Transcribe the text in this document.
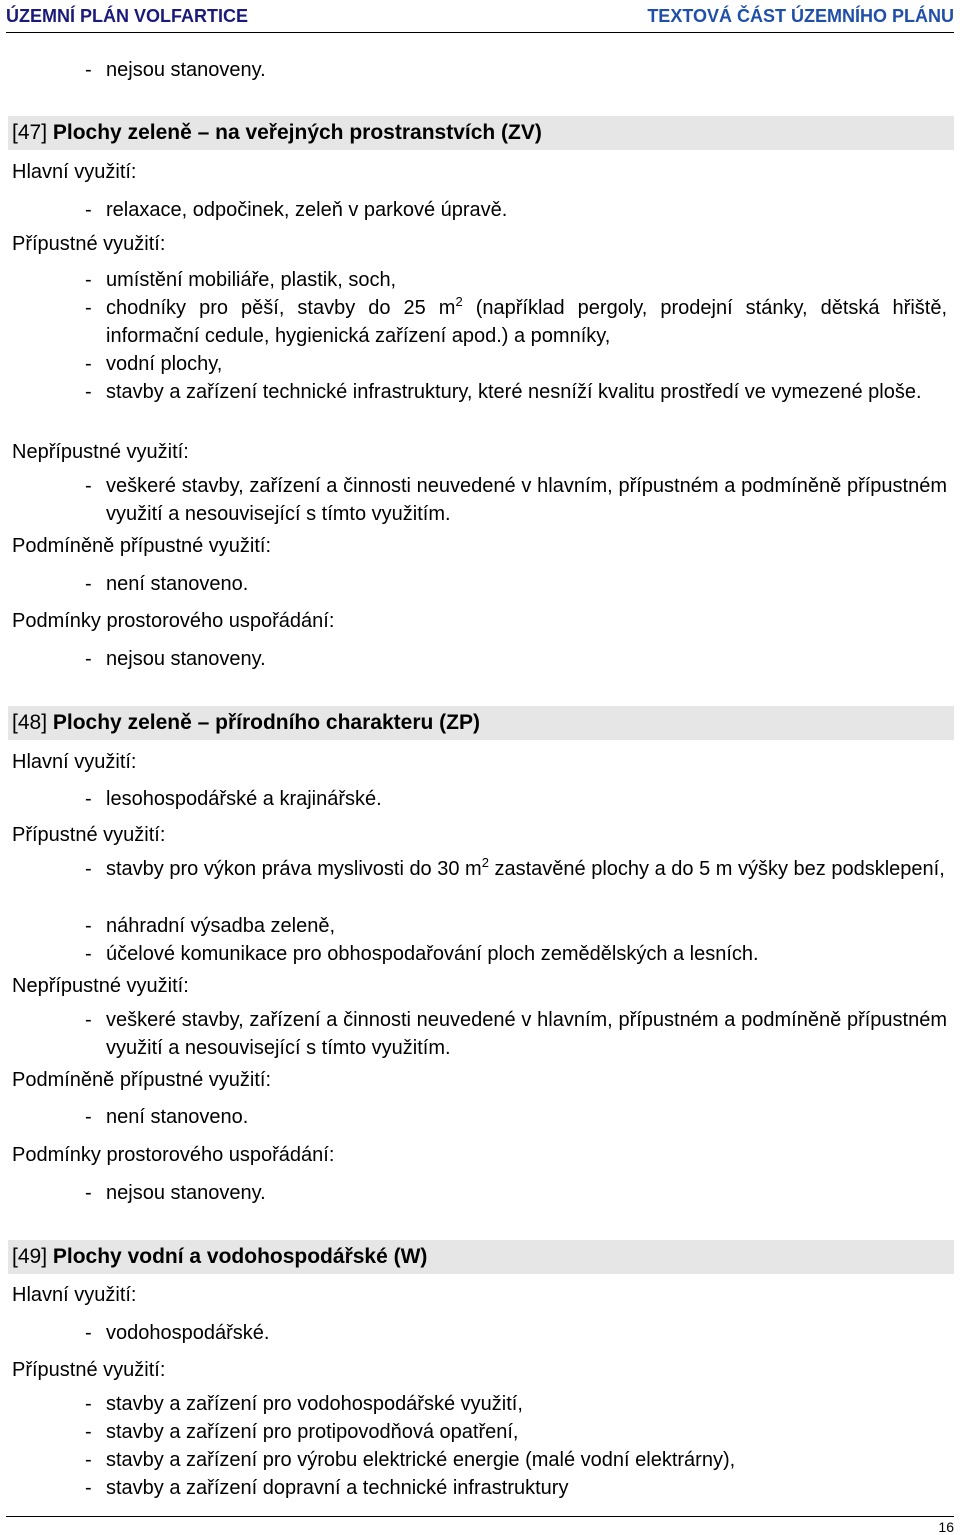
ÚZEMNÍ PLÁN VOLFARTICE	TEXTOVÁ ČÁST ÚZEMNÍHO PLÁNU
- nejsou stanoveny.
[47] Plochy zeleně – na veřejných prostranstvích (ZV)
Hlavní využití:
- relaxace, odpočinek, zeleň v parkové úpravě.
Přípustné využití:
- umístění mobiliáře, plastik, soch,
- chodníky pro pěší, stavby do 25 $m^2$ (například pergoly, prodejní stánky, dětská hřiště, informační cedule, hygienická zařízení apod.) a pomníky,
- vodní plochy,
- stavby a zařízení technické infrastruktury, které nesníží kvalitu prostředí ve vymezené ploše.
Nepřípustné využití:
- veškeré stavby, zařízení a činnosti neuvedené v hlavním, přípustném a podmíněně přípustném využití a nesouvisející s tímto využitím.
Podmíněně přípustné využití:
- není stanoveno.
Podmínky prostorového uspořádání:
- nejsou stanoveny.
[48] Plochy zeleně – přírodního charakteru (ZP)
Hlavní využití:
- lesohospodářské a krajinářské.
Přípustné využití:
- stavby pro výkon práva myslivosti do 30 $m^2$ zastavěné plochy a do 5 m výšky bez podsklepení,
- náhradní výsadba zeleně,
- účelové komunikace pro obhospodařování ploch zemědělských a lesních.
Nepřípustné využití:
- veškeré stavby, zařízení a činnosti neuvedené v hlavním, přípustném a podmíněně přípustném využití a nesouvisející s tímto využitím.
Podmíněně přípustné využití:
- není stanoveno.
Podmínky prostorového uspořádání:
- nejsou stanoveny.
[49] Plochy vodní a vodohospodářské (W)
Hlavní využití:
- vodohospodářské.
Přípustné využití:
- stavby a zařízení pro vodohospodářské využití,
- stavby a zařízení pro protipovodňová opatření,
- stavby a zařízení pro výrobu elektrické energie (malé vodní elektrárny),
- stavby a zařízení dopravní a technické infrastruktury
16
